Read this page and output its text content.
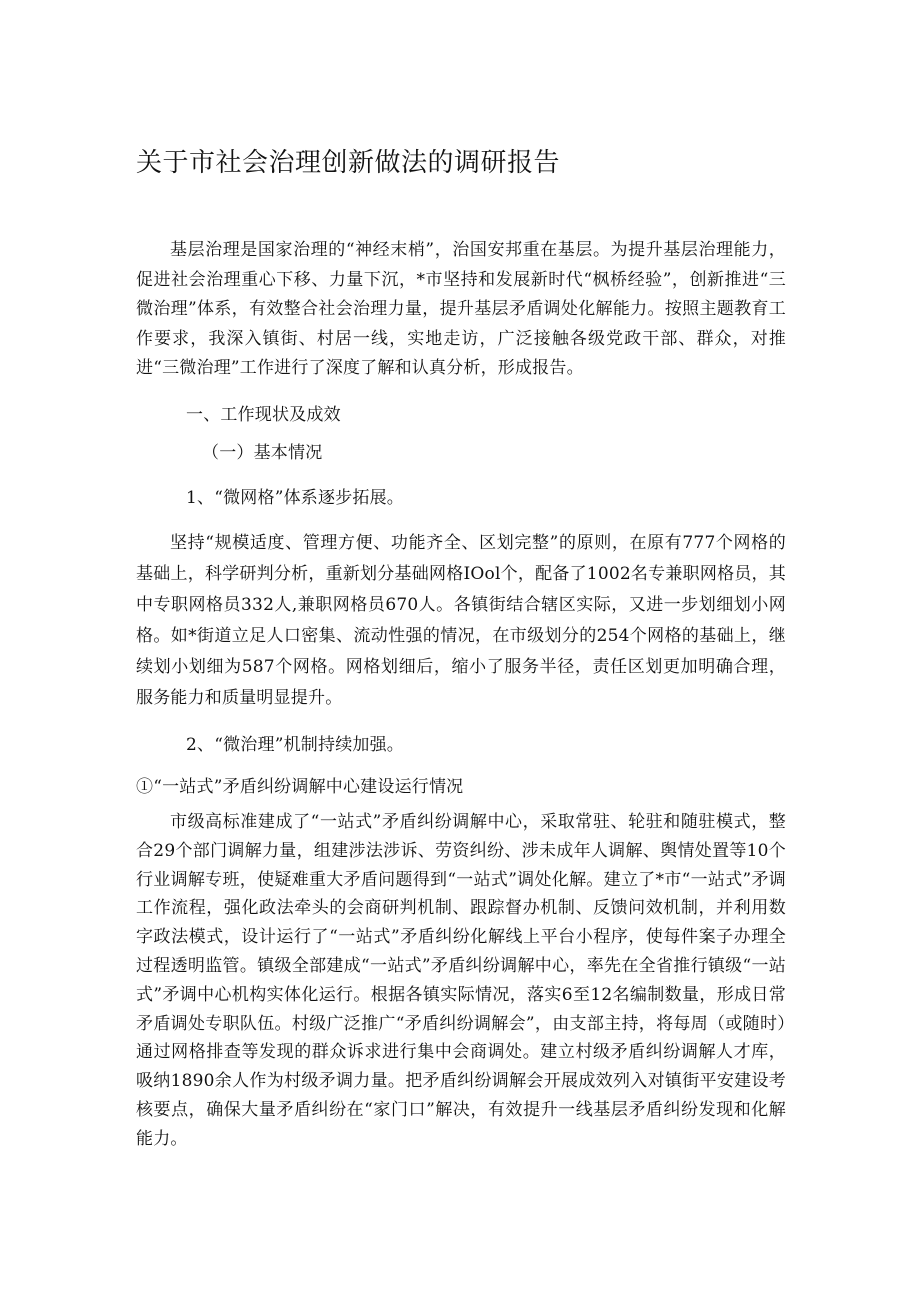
关于市社会治理创新做法的调研报告

基层治理是国家治理的“神经末梢”，治国安邦重在基层。为提升基层治理能力，促进社会治理重心下移、力量下沉，*市坚持和发展新时代“枫桥经验”，创新推进“三微治理”体系，有效整合社会治理力量，提升基层矛盾调处化解能力。按照主题教育工作要求，我深入镇街、村居一线，实地走访，广泛接触各级党政干部、群众，对推进“三微治理”工作进行了深度了解和认真分析，形成报告。

一、工作现状及成效

（一）基本情况

1、“微网格”体系逐步拓展。

坚持“规模适度、管理方便、功能齐全、区划完整”的原则，在原有777个网格的基础上，科学研判分析，重新划分基础网格IOol个，配备了1002名专兼职网格员，其中专职网格员332人,兼职网格员670人。各镇街结合辖区实际，又进一步划细划小网格。如*街道立足人口密集、流动性强的情况，在市级划分的254个网格的基础上，继续划小划细为587个网格。网格划细后，缩小了服务半径，责任区划更加明确合理，服务能力和质量明显提升。

2、“微治理”机制持续加强。

①“一站式”矛盾纠纷调解中心建设运行情况

市级高标准建成了“一站式”矛盾纠纷调解中心，采取常驻、轮驻和随驻模式，整合29个部门调解力量，组建涉法涉诉、劳资纠纷、涉未成年人调解、舆情处置等10个行业调解专班，使疑难重大矛盾问题得到“一站式”调处化解。建立了*市“一站式”矛调工作流程，强化政法牵头的会商研判机制、跟踪督办机制、反馈问效机制，并利用数字政法模式，设计运行了“一站式”矛盾纠纷化解线上平台小程序，使每件案子办理全过程透明监管。镇级全部建成“一站式”矛盾纠纷调解中心，率先在全省推行镇级“一站式”矛调中心机构实体化运行。根据各镇实际情况，落实6至12名编制数量，形成日常矛盾调处专职队伍。村级广泛推广“矛盾纠纷调解会”，由支部主持，将每周（或随时）通过网格排查等发现的群众诉求进行集中会商调处。建立村级矛盾纠纷调解人才库，吸纳1890余人作为村级矛调力量。把矛盾纠纷调解会开展成效列入对镇街平安建设考核要点，确保大量矛盾纠纷在“家门口”解决，有效提升一线基层矛盾纠纷发现和化解能力。
